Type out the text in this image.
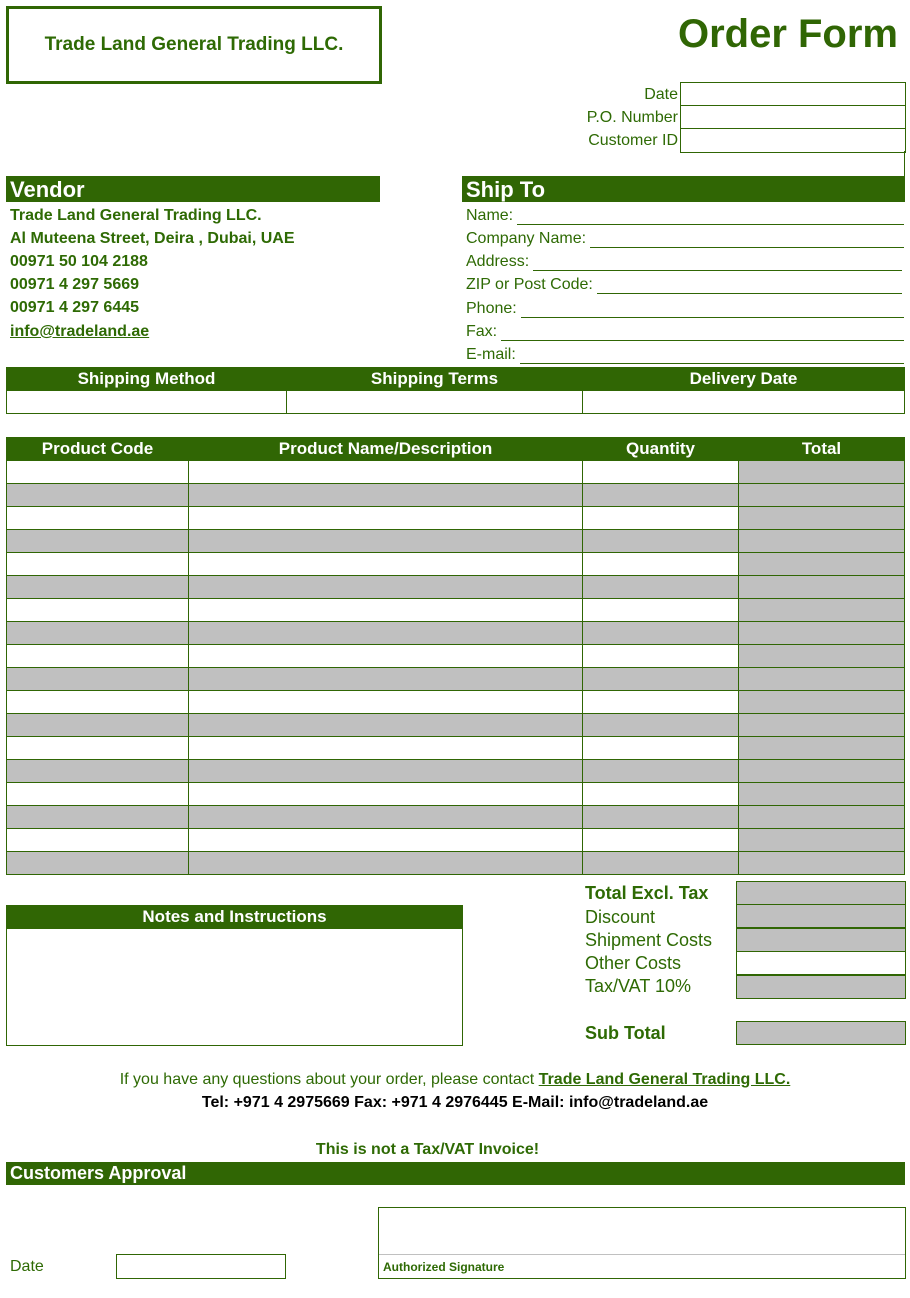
Trade Land General Trading LLC.	Order Form
Date
P.O. Number
Customer ID
Vendor
Trade Land General Trading LLC.
Al Muteena Street, Deira , Dubai, UAE
00971 50 104 2188
00971 4 297 5669
00971 4 297 6445
info@tradeland.ae
Ship To
Name:
Company Name:
Address:
ZIP or Post Code:
Phone:
Fax:
E-mail:
Shipping Method	Shipping Terms	Delivery Date

Product Code	Product Name/Description	Quantity	Total

Notes and Instructions
Total Excl. Tax
Discount
Shipment Costs
Other Costs
Tax/VAT 10%
Sub Total
If you have any questions about your order, please contact Trade Land General Trading LLC.
Tel: +971 4 2975669 Fax: +971 4 2976445 E-Mail: info@tradeland.ae
This is not a Tax/VAT Invoice!
Customers Approval
Date	Authorized Signature
